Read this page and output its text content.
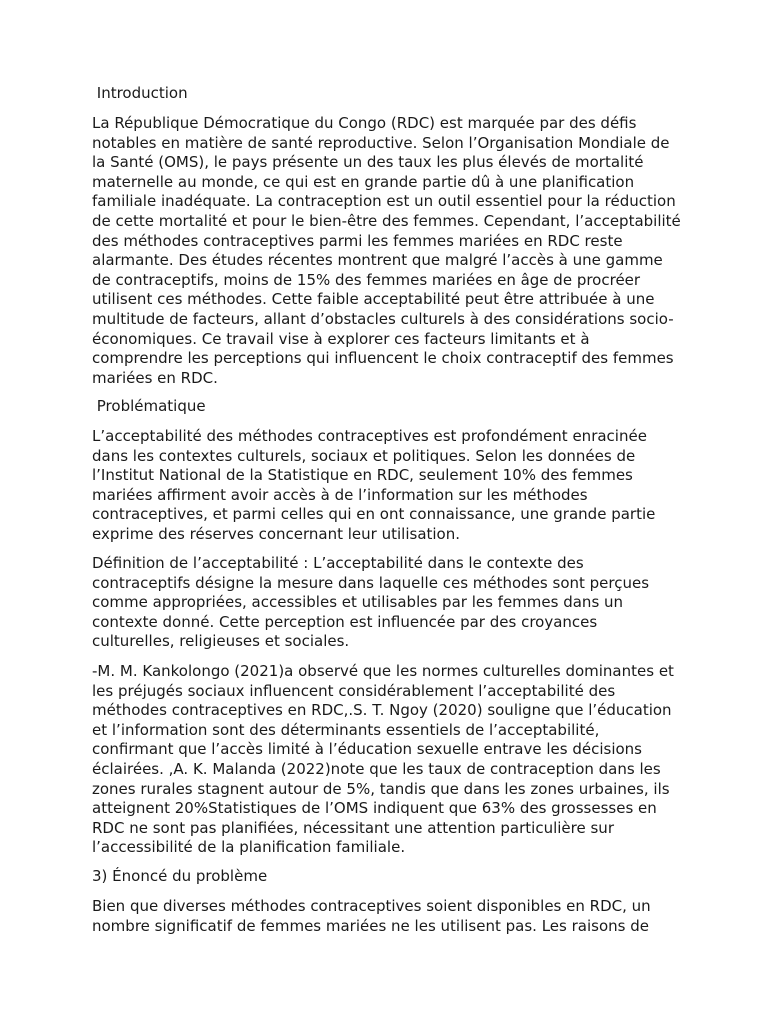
Introduction

La République Démocratique du Congo (RDC) est marquée par des défis notables en matière de santé reproductive. Selon l’Organisation Mondiale de la Santé (OMS), le pays présente un des taux les plus élevés de mortalité maternelle au monde, ce qui est en grande partie dû à une planification familiale inadéquate. La contraception est un outil essentiel pour la réduction de cette mortalité et pour le bien-être des femmes. Cependant, l’acceptabilité des méthodes contraceptives parmi les femmes mariées en RDC reste alarmante. Des études récentes montrent que malgré l’accès à une gamme de contraceptifs, moins de 15% des femmes mariées en âge de procréer utilisent ces méthodes. Cette faible acceptabilité peut être attribuée à une multitude de facteurs, allant d’obstacles culturels à des considérations socio-économiques. Ce travail vise à explorer ces facteurs limitants et à comprendre les perceptions qui influencent le choix contraceptif des femmes mariées en RDC.

Problématique

L’acceptabilité des méthodes contraceptives est profondément enracinée dans les contextes culturels, sociaux et politiques. Selon les données de l’Institut National de la Statistique en RDC, seulement 10% des femmes mariées affirment avoir accès à de l’information sur les méthodes contraceptives, et parmi celles qui en ont connaissance, une grande partie exprime des réserves concernant leur utilisation.

Définition de l’acceptabilité : L’acceptabilité dans le contexte des contraceptifs désigne la mesure dans laquelle ces méthodes sont perçues comme appropriées, accessibles et utilisables par les femmes dans un contexte donné. Cette perception est influencée par des croyances culturelles, religieuses et sociales.

-M. M. Kankolongo (2021)a observé que les normes culturelles dominantes et les préjugés sociaux influencent considérablement l’acceptabilité des méthodes contraceptives en RDC,.S. T. Ngoy (2020) souligne que l’éducation et l’information sont des déterminants essentiels de l’acceptabilité, confirmant que l’accès limité à l’éducation sexuelle entrave les décisions éclairées. ,A. K. Malanda (2022)note que les taux de contraception dans les zones rurales stagnent autour de 5%, tandis que dans les zones urbaines, ils atteignent 20%Statistiques de l’OMS indiquent que 63% des grossesses en RDC ne sont pas planifiées, nécessitant une attention particulière sur l’accessibilité de la planification familiale.

3) Énoncé du problème

Bien que diverses méthodes contraceptives soient disponibles en RDC, un nombre significatif de femmes mariées ne les utilisent pas. Les raisons de
